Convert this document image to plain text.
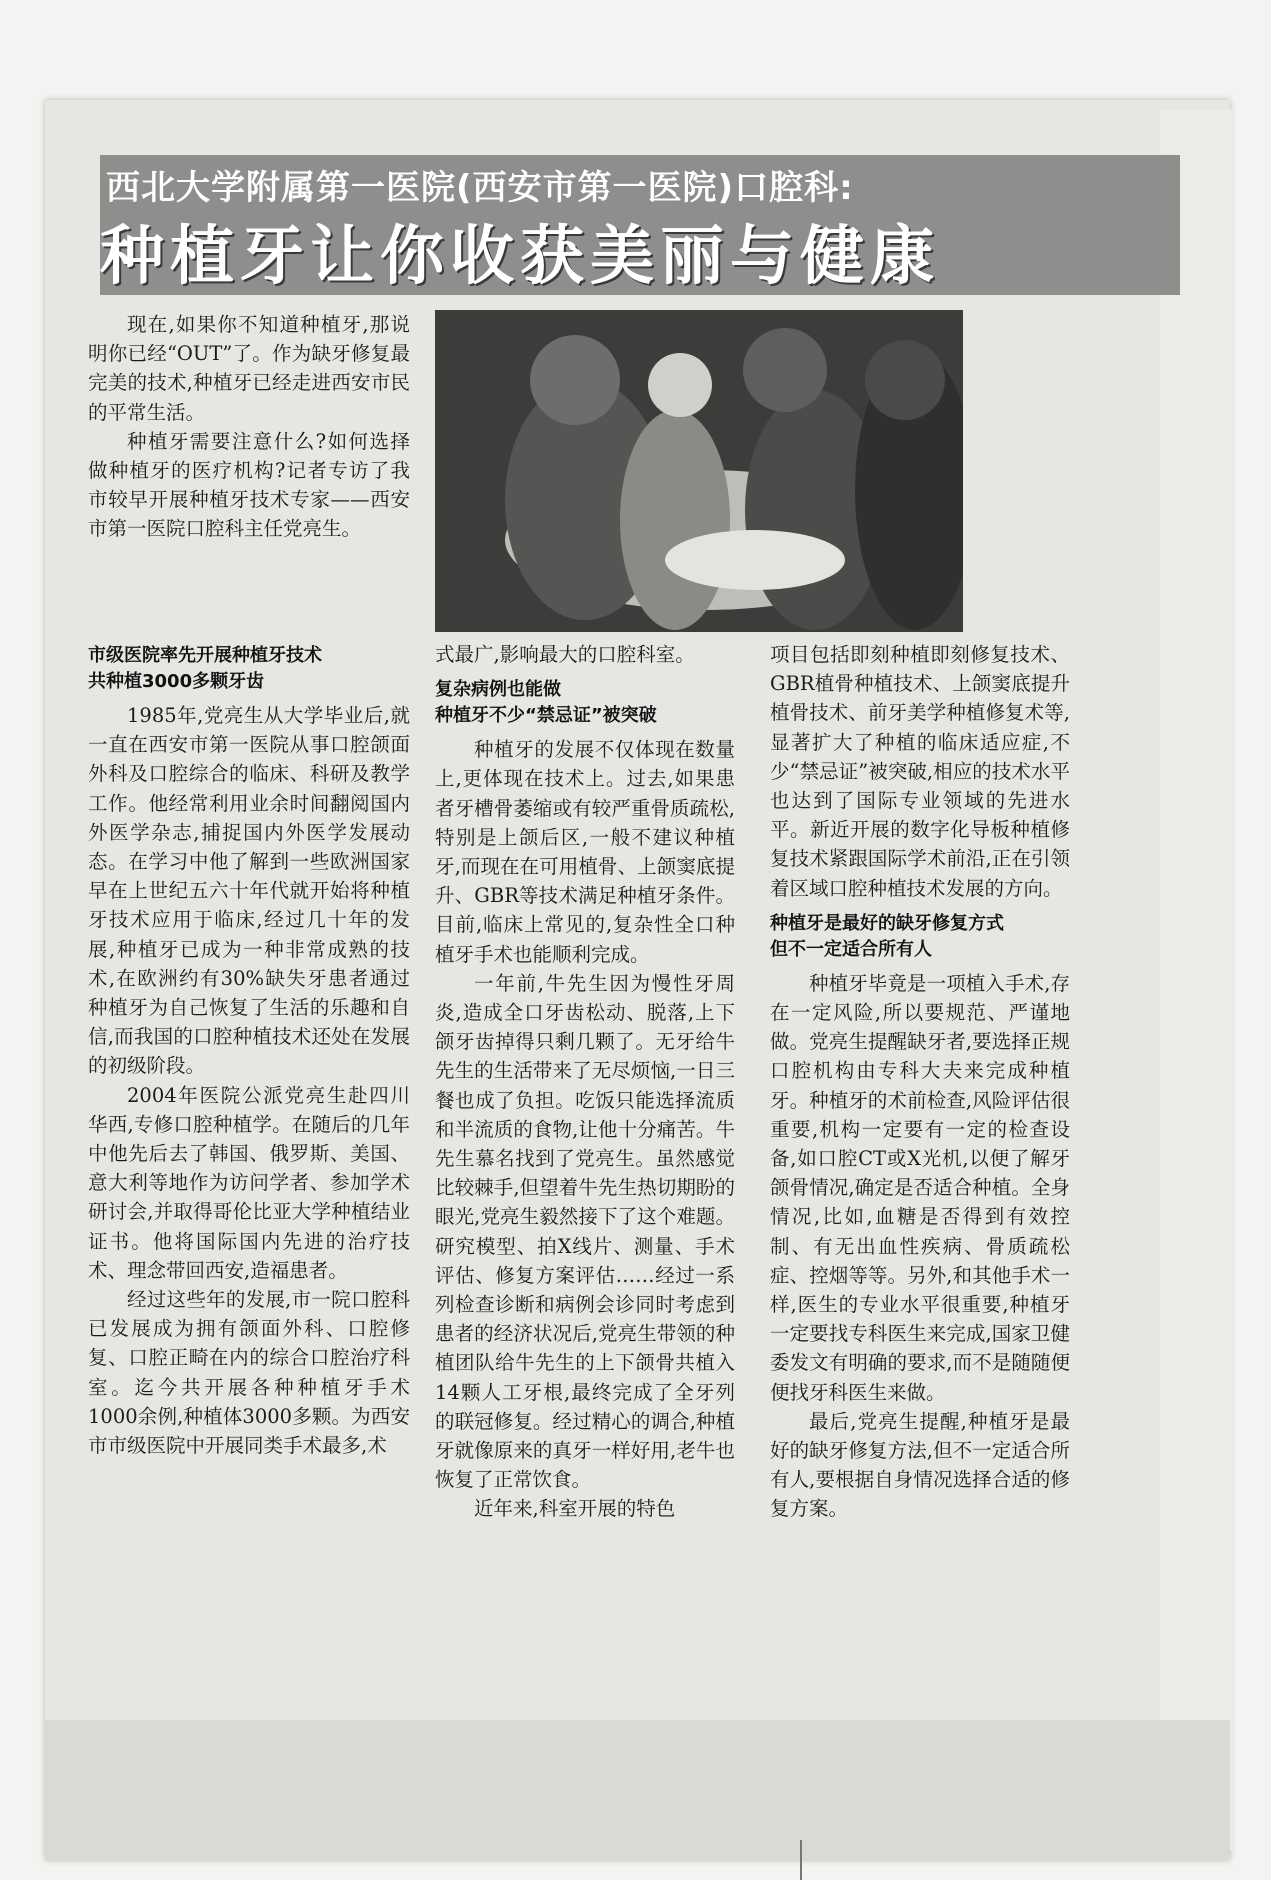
西北大学附属第一医院(西安市第一医院)口腔科:
种植牙让你收获美丽与健康

现在,如果你不知道种植牙,那说明你已经“OUT”了。作为缺牙修复最完美的技术,种植牙已经走进西安市民的平常生活。

种植牙需要注意什么?如何选择做种植牙的医疗机构?记者专访了我市较早开展种植牙技术专家——西安市第一医院口腔科主任党亮生。

市级医院率先开展种植牙技术
共种植3000多颗牙齿

1985年,党亮生从大学毕业后,就一直在西安市第一医院从事口腔颌面外科及口腔综合的临床、科研及教学工作。他经常利用业余时间翻阅国内外医学杂志,捕捉国内外医学发展动态。在学习中他了解到一些欧洲国家早在上世纪五六十年代就开始将种植牙技术应用于临床,经过几十年的发展,种植牙已成为一种非常成熟的技术,在欧洲约有30%缺失牙患者通过种植牙为自己恢复了生活的乐趣和自信,而我国的口腔种植技术还处在发展的初级阶段。

2004年医院公派党亮生赴四川华西,专修口腔种植学。在随后的几年中他先后去了韩国、俄罗斯、美国、意大利等地作为访问学者、参加学术研讨会,并取得哥伦比亚大学种植结业证书。他将国际国内先进的治疗技术、理念带回西安,造福患者。

经过这些年的发展,市一院口腔科已发展成为拥有颌面外科、口腔修复、口腔正畸在内的综合口腔治疗科室。迄今共开展各种种植牙手术1000余例,种植体3000多颗。为西安市市级医院中开展同类手术最多,术

式最广,影响最大的口腔科室。

复杂病例也能做
种植牙不少“禁忌证”被突破

种植牙的发展不仅体现在数量上,更体现在技术上。过去,如果患者牙槽骨萎缩或有较严重骨质疏松,特别是上颌后区,一般不建议种植牙,而现在在可用植骨、上颌窦底提升、GBR等技术满足种植牙条件。目前,临床上常见的,复杂性全口种植牙手术也能顺利完成。

一年前,牛先生因为慢性牙周炎,造成全口牙齿松动、脱落,上下颌牙齿掉得只剩几颗了。无牙给牛先生的生活带来了无尽烦恼,一日三餐也成了负担。吃饭只能选择流质和半流质的食物,让他十分痛苦。牛先生慕名找到了党亮生。虽然感觉比较棘手,但望着牛先生热切期盼的眼光,党亮生毅然接下了这个难题。研究模型、拍X线片、测量、手术评估、修复方案评估……经过一系列检查诊断和病例会诊同时考虑到患者的经济状况后,党亮生带领的种植团队给牛先生的上下颌骨共植入14颗人工牙根,最终完成了全牙列的联冠修复。经过精心的调合,种植牙就像原来的真牙一样好用,老牛也恢复了正常饮食。

近年来,科室开展的特色

项目包括即刻种植即刻修复技术、GBR植骨种植技术、上颌窦底提升植骨技术、前牙美学种植修复术等,显著扩大了种植的临床适应症,不少“禁忌证”被突破,相应的技术水平也达到了国际专业领域的先进水平。新近开展的数字化导板种植修复技术紧跟国际学术前沿,正在引领着区域口腔种植技术发展的方向。

种植牙是最好的缺牙修复方式
但不一定适合所有人

种植牙毕竟是一项植入手术,存在一定风险,所以要规范、严谨地做。党亮生提醒缺牙者,要选择正规口腔机构由专科大夫来完成种植牙。种植牙的术前检查,风险评估很重要,机构一定要有一定的检查设备,如口腔CT或X光机,以便了解牙颌骨情况,确定是否适合种植。全身情况,比如,血糖是否得到有效控制、有无出血性疾病、骨质疏松症、控烟等等。另外,和其他手术一样,医生的专业水平很重要,种植牙一定要找专科医生来完成,国家卫健委发文有明确的要求,而不是随随便便找牙科医生来做。

最后,党亮生提醒,种植牙是最好的缺牙修复方法,但不一定适合所有人,要根据自身情况选择合适的修复方案。
